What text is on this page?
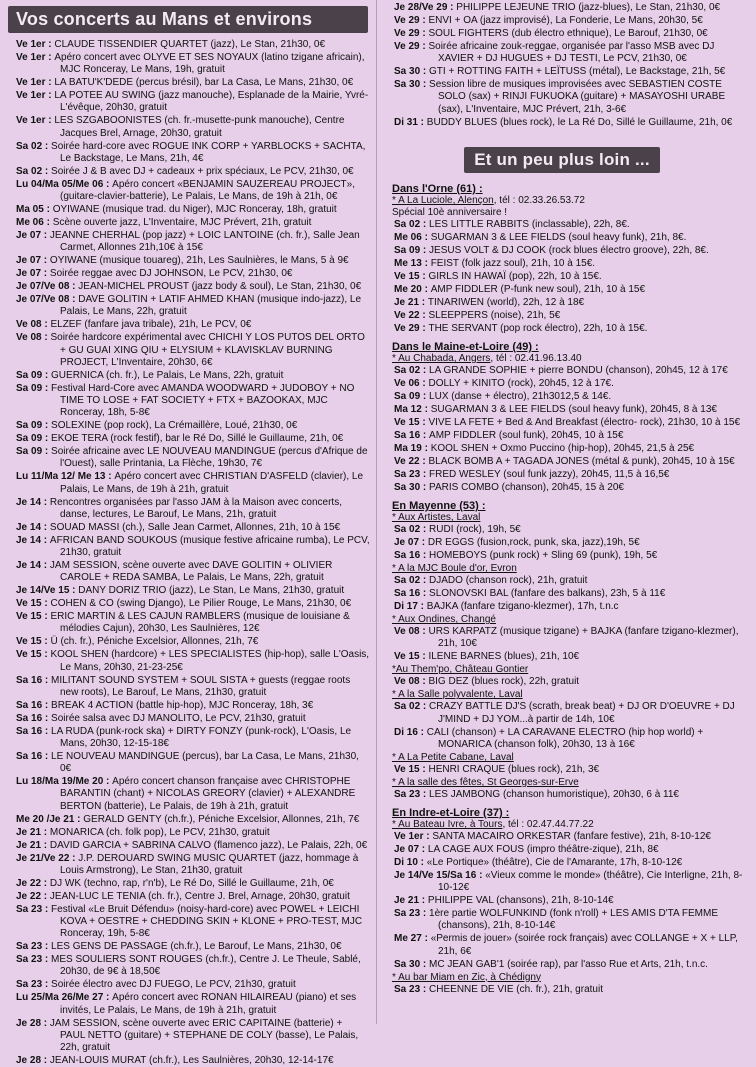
Vos concerts au Mans et environs
Ve 1er : CLAUDE TISSENDIER QUARTET (jazz), Le Stan, 21h30, 0€
Ve 1er : Apéro concert avec OLYVE ET SES NOYAUX (latino tzigane africain), MJC Ronceray, Le Mans, 19h, gratuit
Ve 1er : LA BATU'K'DEDE (percus brésil), bar La Casa, Le Mans, 21h30, 0€
Ve 1er : LA POTEE AU SWING (jazz manouche), Esplanade de la Mairie, Yvré-L'évêque, 20h30, gratuit
Ve 1er : LES SZGABOONISTES (ch. fr.-musette-punk manouche), Centre Jacques Brel, Arnage, 20h30, gratuit
Sa 02 : Soirée hard-core avec ROGUE INK CORP + YARBLOCKS + SACHTA, Le Backstage, Le Mans, 21h, 4€
Sa 02 : Soirée J & B avec DJ + cadeaux + prix spéciaux, Le PCV, 21h30, 0€
Lu 04/Ma 05/Me 06 : Apéro concert «BENJAMIN SAUZEREAU PROJECT», (guitare-clavier-batterie), Le Palais, Le Mans, de 19h à 21h, 0€
Ma 05 : OYIWANE (musique trad. du Niger), MJC Ronceray, 18h, gratuit
Me 06 : Scène ouverte jazz, L'Inventaire, MJC Prévert, 21h, gratuit
Je 07 : JEANNE CHERHAL (pop jazz) + LOIC LANTOINE (ch. fr.), Salle Jean Carmet, Allonnes 21h,10€ à 15€
Je 07 : OYIWANE (musique touareg), 21h, Les Saulnières, le Mans, 5 à 9€
Je 07 : Soirée reggae avec DJ JOHNSON, Le PCV, 21h30, 0€
Je 07/Ve 08 : JEAN-MICHEL PROUST (jazz body & soul), Le Stan, 21h30, 0€
Je 07/Ve 08 : DAVE GOLITIN + LATIF AHMED KHAN (musique indo-jazz), Le Palais, Le Mans, 22h, gratuit
Ve 08 : ELZEF (fanfare java tribale), 21h, Le PCV, 0€
Ve 08 : Soirée hardcore expérimental avec CHICHI Y LOS PUTOS DEL ORTO + GU GUAI XING QIU + ELYSIUM + KLAVISKLAV BURNING PROJECT, L'Inventaire, 20h30, 6€
Sa 09 : GUERNICA (ch. fr.), Le Palais, Le Mans, 22h, gratuit
Sa 09 : Festival Hard-Core avec AMANDA WOODWARD + JUDOBOY + NO TIME TO LOSE + FAT SOCIETY + FTX + BAZOOKAX, MJC Ronceray, 18h, 5-8€
Sa 09 : SOLEXINE (pop rock), La Crémaillère, Loué, 21h30, 0€
Sa 09 : EKOE TERA (rock festif), bar le Ré Do, Sillé le Guillaume, 21h, 0€
Sa 09 : Soirée africaine avec LE NOUVEAU MANDINGUE (percus d'Afrique de l'Ouest), salle Printania, La Flèche, 19h30, 7€
Lu 11/Ma 12/ Me 13 : Apéro concert avec CHRISTIAN D'ASFELD (clavier), Le Palais, Le Mans, de 19h à 21h, gratuit
Je 14 : Rencontres organisées par l'asso JAM à la Maison avec concerts, danse, lectures, Le Barouf, Le Mans, 21h, gratuit
Je 14 : SOUAD MASSI (ch.), Salle Jean Carmet, Allonnes, 21h, 10 à 15€
Je 14 : AFRICAN BAND SOUKOUS (musique festive africaine rumba), Le PCV, 21h30, gratuit
Je 14 : JAM SESSION, scène ouverte avec DAVE GOLITIN + OLIVIER CAROLE + REDA SAMBA, Le Palais, Le Mans, 22h, gratuit
Je 14/Ve 15 : DANY DORIZ TRIO (jazz), Le Stan, Le Mans, 21h30, gratuit
Ve 15 : COHEN & CO (swing Django), Le Pilier Rouge, Le Mans, 21h30, 0€
Ve 15 : ERIC MARTIN & LES CAJUN RAMBLERS (musique de louisiane & mélodies Cajun), 20h30, Les Saulnières, 12€
Ve 15 : Ü (ch. fr.), Péniche Excelsior, Allonnes, 21h, 7€
Ve 15 : KOOL SHEN (hardcore) + LES SPECIALISTES (hip-hop), salle L'Oasis, Le Mans, 20h30, 21-23-25€
Sa 16 : MILITANT SOUND SYSTEM + SOUL SISTA + guests (reggae roots new roots), Le Barouf, Le Mans, 21h30, gratuit
Sa 16 : BREAK 4 ACTION (battle hip-hop), MJC Ronceray, 18h, 3€
Sa 16 : Soirée salsa avec DJ MANOLITO, Le PCV, 21h30, gratuit
Sa 16 : LA RUDA (punk-rock ska) + DIRTY FONZY (punk-rock), L'Oasis, Le Mans, 20h30, 12-15-18€
Sa 16 : LE NOUVEAU MANDINGUE (percus), bar La Casa, Le Mans, 21h30, 0€
Lu 18/Ma 19/Me 20 : Apéro concert chanson française avec CHRISTOPHE BARANTIN (chant) + NICOLAS GREORY (clavier) + ALEXANDRE BERTON (batterie), Le Palais, de 19h à 21h, gratuit
Me 20 /Je 21 : GERALD GENTY (ch.fr.), Péniche Excelsior, Allonnes, 21h, 7€
Je 21 : MONARICA (ch. folk pop), Le PCV, 21h30, gratuit
Je 21 : DAVID GARCIA + SABRINA CALVO (flamenco jazz), Le Palais, 22h, 0€
Je 21/Ve 22 : J.P. DEROUARD SWING MUSIC QUARTET (jazz, hommage à Louis Armstrong), Le Stan, 21h30, gratuit
Je 22 : DJ WK (techno, rap, r'n'b), Le Ré Do, Sillé le Guillaume, 21h, 0€
Je 22 : JEAN-LUC LE TENIA (ch. fr.), Centre J. Brel, Arnage, 20h30, gratuit
Sa 23 : Festival «Le Bruit Défendu» (noisy-hard-core) avec POWEL + LEICHI KOVA + OESTRE + CHEDDING SKIN + KLONE + PRO-TEST, MJC Ronceray, 19h, 5-8€
Sa 23 : LES GENS DE PASSAGE (ch.fr.), Le Barouf, Le Mans, 21h30, 0€
Sa 23 : MES SOULIERS SONT ROUGES (ch.fr.), Centre J. Le Theule, Sablé, 20h30, de 9€ à 18,50€
Sa 23 : Soirée électro avec DJ FUEGO, Le PCV, 21h30, gratuit
Lu 25/Ma 26/Me 27 : Apéro concert avec RONAN HILAIREAU (piano) et ses invités, Le Palais, Le Mans, de 19h à 21h, gratuit
Je 28 : JAM SESSION, scène ouverte avec ERIC CAPITAINE (batterie) + PAUL NETTO (guitare) + STEPHANE DE COLY (basse), Le Palais, 22h, gratuit
Je 28 : JEAN-LOUIS MURAT (ch.fr.), Les Saulnières, 20h30, 12-14-17€
Je 28/Ve 29 : PHILIPPE LEJEUNE TRIO (jazz-blues), Le Stan, 21h30, 0€
Ve 29 : ENVI + OA (jazz improvisé), La Fonderie, Le Mans, 20h30, 5€
Ve 29 : SOUL FIGHTERS (dub électro ethnique), Le Barouf, 21h30, 0€
Ve 29 : Soirée africaine zouk-reggae, organisée par l'asso MSB avec DJ XAVIER + DJ HUGUES + DJ TESTI, Le PCV, 21h30, 0€
Sa 30 : GTI + ROTTING FAITH + LEÏTUSS (métal), Le Backstage, 21h, 5€
Sa 30 : Session libre de musiques improvisées avec SEBASTIEN COSTE SOLO (sax) + RINJI FUKUOKA (guitare) + MASAYOSHI URABE (sax), L'Inventaire, MJC Prévert, 21h, 3-6€
Di 31 : BUDDY BLUES (blues rock), le La Ré Do, Sillé le Guillaume, 21h, 0€
Et un peu plus loin ...
Dans l'Orne (61) :
* A La Luciole, Alençon, tél : 02.33.26.53.72
Spécial 10è anniversaire !
Sa 02 : LES LITTLE RABBITS (inclassable), 22h, 8€.
Me 06 : SUGARMAN 3 & LEE FIELDS (soul heavy funk), 21h, 8€.
Sa 09 : JESUS VOLT & DJ COOK (rock blues électro groove), 22h, 8€.
Me 13 : FEIST (folk jazz soul), 21h, 10 à 15€.
Ve 15 : GIRLS IN HAWAÏ (pop), 22h, 10 à 15€.
Me 20 : AMP FIDDLER (P-funk new soul), 21h, 10 à 15€
Je 21 : TINARIWEN (world), 22h, 12 à 18€
Ve 22 : SLEEPPERS (noise), 21h, 5€
Ve 29 : THE SERVANT (pop rock électro), 22h, 10 à 15€.
Dans le Maine-et-Loire (49) :
* Au Chabada, Angers, tél : 02.41.96.13.40
Sa 02 : LA GRANDE SOPHIE + pierre BONDU (chanson), 20h45, 12 à 17€
Ve 06 : DOLLY + KINITO (rock), 20h45, 12 à 17€.
Sa 09 : LUX (danse + électro), 21h3012,5 & 14€.
Ma 12 : SUGARMAN 3 & LEE FIELDS (soul heavy funk), 20h45, 8 à 13€
Ve 15 : VIVE LA FETE + Bed & And Breakfast (électro- rock), 21h30, 10 à 15€
Sa 16 : AMP FIDDLER (soul funk), 20h45, 10 à 15€
Ma 19 : KOOL SHEN + Oxmo Puccino (hip-hop), 20h45, 21,5 à 25€
Ve 22 : BLACK BOMB A + TAGADA JONES (métal & punk), 20h45, 10 à 15€
Sa 23 : FRED WESLEY (soul funk jazzy), 20h45, 11,5 à 16,5€
Sa 30 : PARIS COMBO (chanson), 20h45, 15 à 20€
En Mayenne (53) :
* Aux Artistes, Laval
Sa 02 : RUDI (rock), 19h, 5€
Je 07 : DR EGGS (fusion,rock, punk, ska, jazz),19h, 5€
Sa 16 : HOMEBOYS (punk rock) + Sling 69 (punk), 19h, 5€
* A la MJC Boule d'or, Evron
Sa 02 : DJADO (chanson rock), 21h, gratuit
Sa 16 : SLONOVSKI BAL (fanfare des balkans), 23h, 5 à 11€
Di 17 : BAJKA (fanfare tzigano-klezmer), 17h, t.n.c
* Aux Ondines, Changé
Ve 08 : URS KARPATZ (musique tzigane) + BAJKA (fanfare tzigano-klezmer), 21h, 10€
Ve 15 : ILENE BARNES (blues), 21h, 10€
*Au Them'po, Château Gontier
Ve 08 : BIG DEZ (blues rock), 22h, gratuit
* A la Salle polyvalente, Laval
Sa 02 : CRAZY BATTLE DJ'S (scrath, break beat) + DJ OR D'OEUVRE + DJ J'MIND + DJ YOM...à partir de 14h, 10€
Di 16 : CALI (chanson) + LA CARAVANE ELECTRO (hip hop world) + MONARICA (chanson folk), 20h30, 13 à 16€
* A La Petite Cabane, Laval
Ve 15 : HENRI CRAQUE (blues rock), 21h, 3€
* A la salle des fêtes, St Georges-sur-Erve
Sa 23 : LES JAMBONG (chanson humoristique), 20h30, 6 à 11€
En Indre-et-Loire (37) :
* Au Bateau Ivre, à Tours, tél : 02.47.44.77.22
Ve 1er : SANTA MACAIRO ORKESTAR (fanfare festive), 21h, 8-10-12€
Je 07 : LA CAGE AUX FOUS (impro théâtre-zique), 21h, 8€
Di 10 : «Le Portique» (théâtre), Cie de l'Amarante, 17h, 8-10-12€
Je 14/Ve 15/Sa 16 : «Vieux comme le monde» (théâtre), Cie Interligne, 21h, 8-10-12€
Je 21 : PHILIPPE VAL (chansons), 21h, 8-10-14€
Sa 23 : 1ère partie WOLFUNKIND (fonk n'roll) + LES AMIS D'TA FEMME (chansons), 21h, 8-10-14€
Me 27 : «Permis de jouer» (soirée rock français) avec COLLANGE + X + LLP, 21h, 6€
Sa 30 : MC JEAN GAB'1 (soirée rap), par l'asso Rue et Arts, 21h, t.n.c.
* Au bar Miam en Zic, à Chédigny
Sa 23 : CHEENNE DE VIE (ch. fr.), 21h, gratuit
